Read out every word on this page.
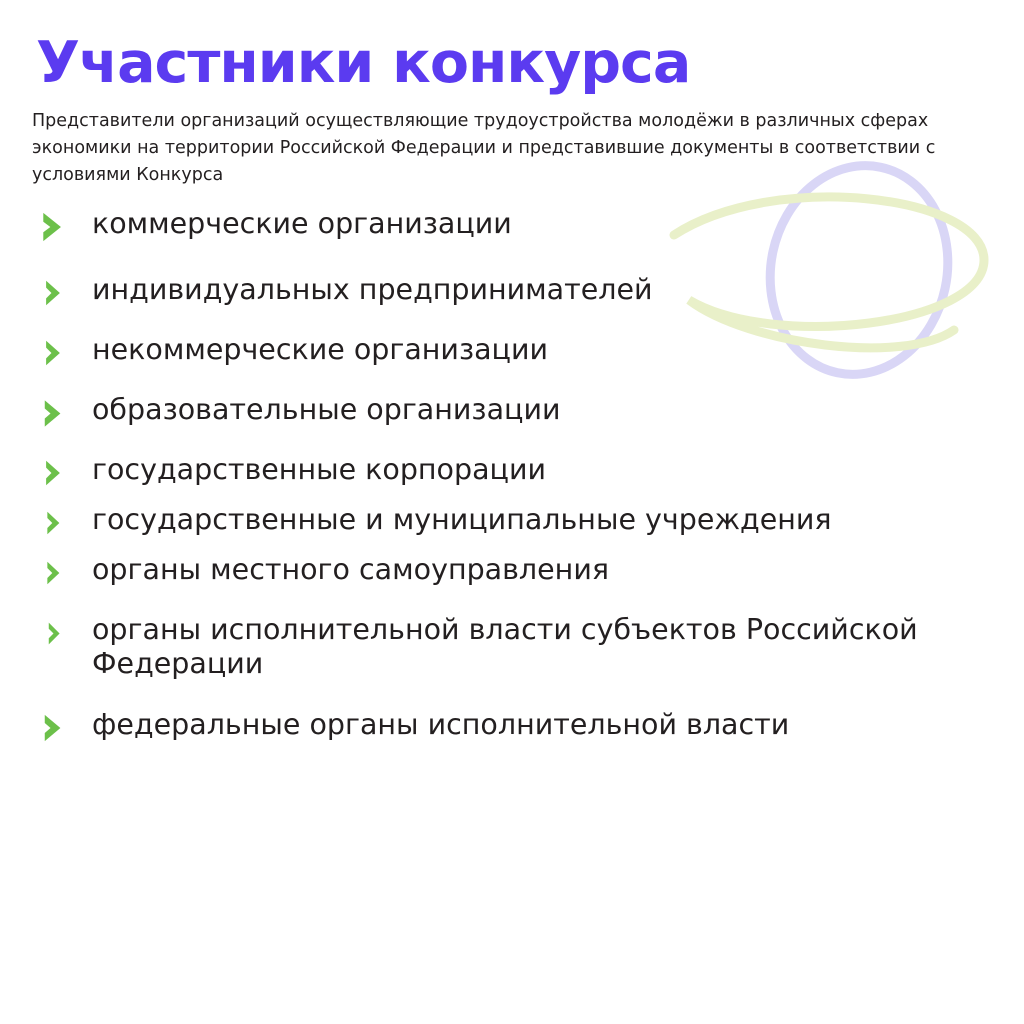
Участники конкурса

Представители организаций осуществляющие трудоустройства молодёжи в различных сферах экономики на территории Российской Федерации и представившие документы в соответствии с условиями Конкурса

коммерческие организации
индивидуальных предпринимателей
некоммерческие организации
образовательные организации
государственные корпорации
государственные и муниципальные учреждения
органы местного самоуправления
органы исполнительной власти субъектов Российской Федерации
федеральные органы исполнительной власти
